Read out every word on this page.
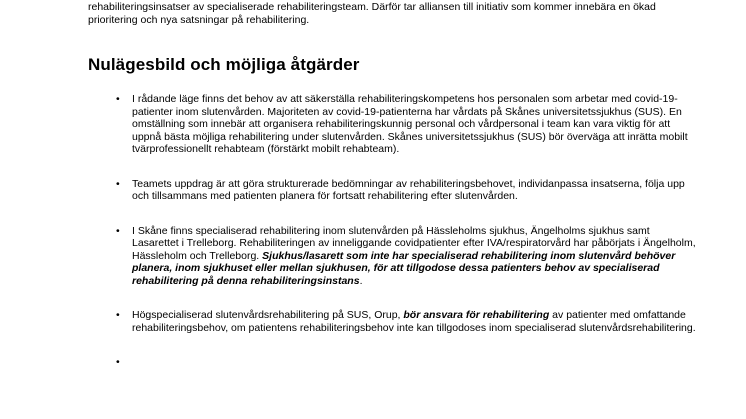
rehabiliteringsinsatser av specialiserade rehabiliteringsteam. Därför tar alliansen till initiativ som kommer innebära en ökad prioritering och nya satsningar på rehabilitering.

Nulägesbild och möjliga åtgärder
• I rådande läge finns det behov av att säkerställa rehabiliteringskompetens hos personalen som arbetar med covid-19-patienter inom slutenvården. Majoriteten av covid-19-patienterna har vårdats på Skånes universitetssjukhus (SUS). En omställning som innebär att organisera rehabiliteringskunnig personal och vårdpersonal i team kan vara viktig för att uppnå bästa möjliga rehabilitering under slutenvården. Skånes universitetssjukhus (SUS) bör överväga att inrätta mobilt tvärprofessionellt rehabteam (förstärkt mobilt rehabteam).
• Teamets uppdrag är att göra strukturerade bedömningar av rehabiliteringsbehovet, individanpassa insatserna, följa upp och tillsammans med patienten planera för fortsatt rehabilitering efter slutenvården.
• I Skåne finns specialiserad rehabilitering inom slutenvården på Hässleholms sjukhus, Ängelholms sjukhus samt Lasarettet i Trelleborg. Rehabiliteringen av inneliggande covidpatienter efter IVA/respiratorvård har påbörjats i Ängelholm, Hässleholm och Trelleborg. Sjukhus/lasarett som inte har specialiserad rehabilitering inom slutenvård behöver planera, inom sjukhuset eller mellan sjukhusen, för att tillgodose dessa patienters behov av specialiserad rehabilitering på denna rehabiliteringsinstans.
• Högspecialiserad slutenvårdsrehabilitering på SUS, Orup, bör ansvara för rehabilitering av patienter med omfattande rehabiliteringsbehov, om patientens rehabiliteringsbehov inte kan tillgodoses inom specialiserad slutenvårdsrehabilitering.
